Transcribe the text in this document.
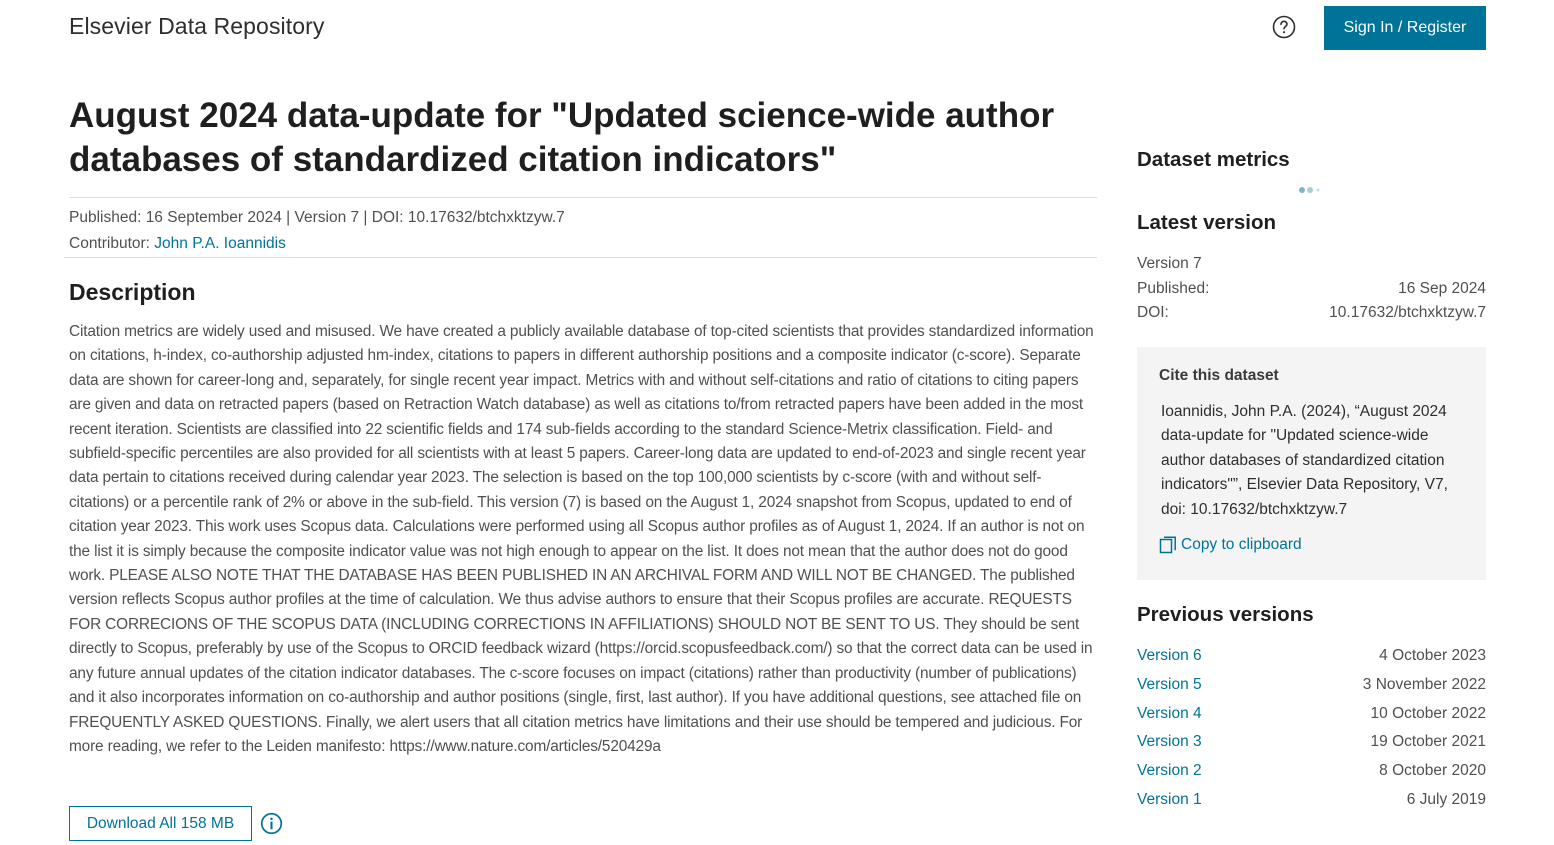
Elsevier Data Repository	Sign In / Register
August 2024 data-update for "Updated science-wide author databases of standardized citation indicators"
Published: 16 September 2024 | Version 7 | DOI: 10.17632/btchxktzyw.7
Contributor: John P.A. Ioannidis
Description

Citation metrics are widely used and misused. We have created a publicly available database of top-cited scientists that provides standardized information on citations, h-index, co-authorship adjusted hm-index, citations to papers in different authorship positions and a composite indicator (c-score). Separate data are shown for career-long and, separately, for single recent year impact. Metrics with and without self-citations and ratio of citations to citing papers are given and data on retracted papers (based on Retraction Watch database) as well as citations to/from retracted papers have been added in the most recent iteration. Scientists are classified into 22 scientific fields and 174 sub-fields according to the standard Science-Metrix classification. Field- and subfield-specific percentiles are also provided for all scientists with at least 5 papers. Career-long data are updated to end-of-2023 and single recent year data pertain to citations received during calendar year 2023. The selection is based on the top 100,000 scientists by c-score (with and without self-citations) or a percentile rank of 2% or above in the sub-field. This version (7) is based on the August 1, 2024 snapshot from Scopus, updated to end of citation year 2023. This work uses Scopus data. Calculations were performed using all Scopus author profiles as of August 1, 2024. If an author is not on the list it is simply because the composite indicator value was not high enough to appear on the list. It does not mean that the author does not do good work. PLEASE ALSO NOTE THAT THE DATABASE HAS BEEN PUBLISHED IN AN ARCHIVAL FORM AND WILL NOT BE CHANGED. The published version reflects Scopus author profiles at the time of calculation. We thus advise authors to ensure that their Scopus profiles are accurate. REQUESTS FOR CORRECIONS OF THE SCOPUS DATA (INCLUDING CORRECTIONS IN AFFILIATIONS) SHOULD NOT BE SENT TO US. They should be sent directly to Scopus, preferably by use of the Scopus to ORCID feedback wizard (https://orcid.scopusfeedback.com/) so that the correct data can be used in any future annual updates of the citation indicator databases. The c-score focuses on impact (citations) rather than productivity (number of publications) and it also incorporates information on co-authorship and author positions (single, first, last author). If you have additional questions, see attached file on FREQUENTLY ASKED QUESTIONS. Finally, we alert users that all citation metrics have limitations and their use should be tempered and judicious. For more reading, we refer to the Leiden manifesto: https://www.nature.com/articles/520429a

Download All 158 MB
Dataset metrics
Latest version
Version 7
Published:	16 Sep 2024
DOI:	10.17632/btchxktzyw.7
Cite this dataset
Ioannidis, John P.A. (2024), “August 2024 data-update for "Updated science-wide author databases of standardized citation indicators"”, Elsevier Data Repository, V7, doi: 10.17632/btchxktzyw.7
Copy to clipboard
Previous versions
Version 6	4 October 2023
Version 5	3 November 2022
Version 4	10 October 2022
Version 3	19 October 2021
Version 2	8 October 2020
Version 1	6 July 2019
